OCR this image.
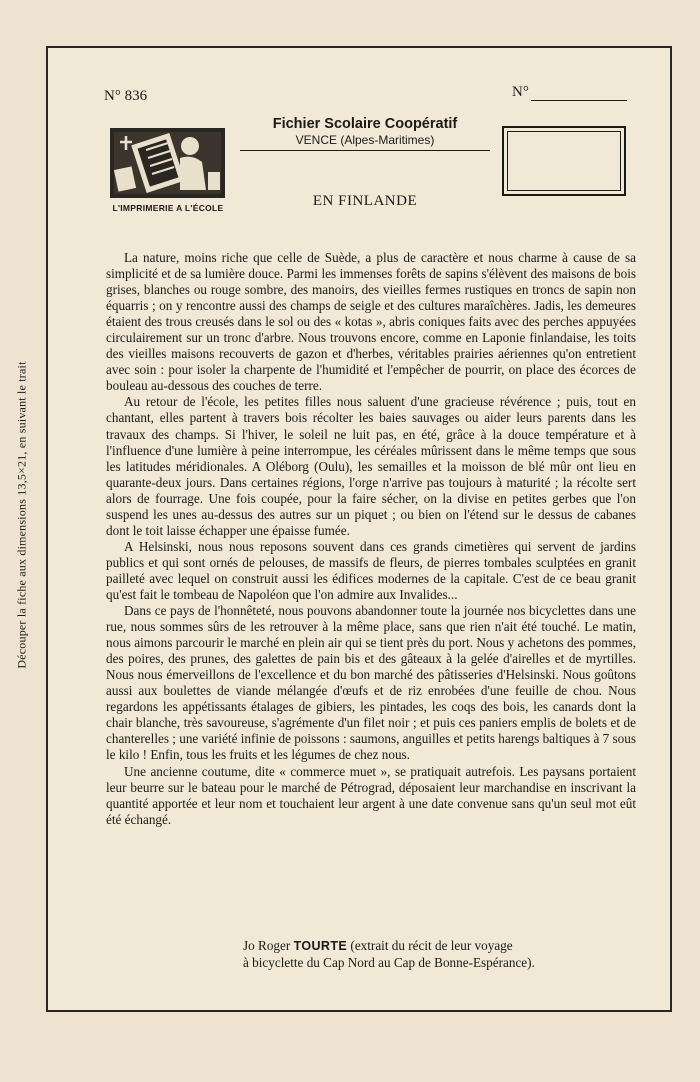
Découper la fiche aux dimensions 13,5×21, en suivant le trait
N° 836	N°
L'IMPRIMERIE A L'ÉCOLE
Fichier Scolaire Coopératif
VENCE (Alpes-Maritimes)
EN FINLANDE

La nature, moins riche que celle de Suède, a plus de caractère et nous charme à cause de sa simplicité et de sa lumière douce. Parmi les immenses forêts de sapins s'élèvent des maisons de bois grises, blanches ou rouge sombre, des manoirs, des vieilles fermes rustiques en troncs de sapin non équarris ; on y rencontre aussi des champs de seigle et des cultures maraîchères. Jadis, les demeures étaient des trous creusés dans le sol ou des « kotas », abris coniques faits avec des perches appuyées circulairement sur un tronc d'arbre. Nous trouvons encore, comme en Laponie finlandaise, les toits des vieilles maisons recouverts de gazon et d'herbes, véritables prairies aériennes qu'on entretient avec soin : pour isoler la charpente de l'humidité et l'empêcher de pourrir, on place des écorces de bouleau au-dessous des couches de terre.

Au retour de l'école, les petites filles nous saluent d'une gracieuse révérence ; puis, tout en chantant, elles partent à travers bois récolter les baies sauvages ou aider leurs parents dans les travaux des champs. Si l'hiver, le soleil ne luit pas, en été, grâce à la douce température et à l'influence d'une lumière à peine interrompue, les céréales mûrissent dans le même temps que sous les latitudes méridionales. A Oléborg (Oulu), les semailles et la moisson de blé mûr ont lieu en quarante-deux jours. Dans certaines régions, l'orge n'arrive pas toujours à maturité ; la récolte sert alors de fourrage. Une fois coupée, pour la faire sécher, on la divise en petites gerbes que l'on suspend les unes au-dessus des autres sur un piquet ; ou bien on l'étend sur le dessus de cabanes dont le toit laisse échapper une épaisse fumée.

A Helsinski, nous nous reposons souvent dans ces grands cimetières qui servent de jardins publics et qui sont ornés de pelouses, de massifs de fleurs, de pierres tombales sculptées en granit pailleté avec lequel on construit aussi les édifices modernes de la capitale. C'est de ce beau granit qu'est fait le tombeau de Napoléon que l'on admire aux Invalides...

Dans ce pays de l'honnêteté, nous pouvons abandonner toute la journée nos bicyclettes dans une rue, nous sommes sûrs de les retrouver à la même place, sans que rien n'ait été touché. Le matin, nous aimons parcourir le marché en plein air qui se tient près du port. Nous y achetons des pommes, des poires, des prunes, des galettes de pain bis et des gâteaux à la gelée d'airelles et de myrtilles. Nous nous émerveillons de l'excellence et du bon marché des pâtisseries d'Helsinski. Nous goûtons aussi aux boulettes de viande mélangée d'œufs et de riz enrobées d'une feuille de chou. Nous regardons les appétissants étalages de gibiers, les pintades, les coqs des bois, les canards dont la chair blanche, très savoureuse, s'agrémente d'un filet noir ; et puis ces paniers emplis de bolets et de chanterelles ; une variété infinie de poissons : saumons, anguilles et petits harengs baltiques à 7 sous le kilo ! Enfin, tous les fruits et les légumes de chez nous.

Une ancienne coutume, dite « commerce muet », se pratiquait autrefois. Les paysans portaient leur beurre sur le bateau pour le marché de Pétrograd, déposaient leur marchandise en inscrivant la quantité apportée et leur nom et touchaient leur argent à une date convenue sans qu'un seul mot eût été échangé.

Jo Roger TOURTE (extrait du récit de leur voyage
à bicyclette du Cap Nord au Cap de Bonne-Espérance).
